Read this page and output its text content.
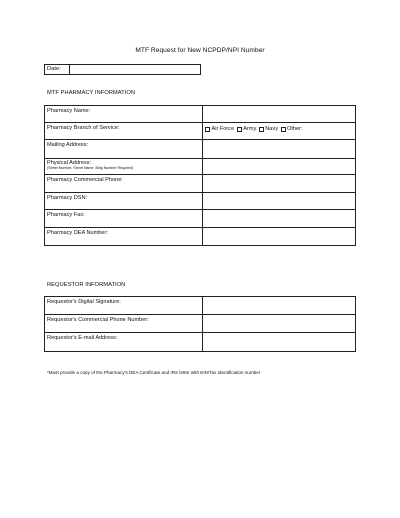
MTF Request for New NCPDP/NPI Number
Date:
MTF PHARMACY INFORMATION
Pharmacy Name:	
Pharmacy Branch of Service:	Air Force Army Navy Other:

Mailing Address:	

Physical Address:
(Street Number, Street Name, Bldg Number Required)	

Pharmacy Commercial Phone:	
Pharmacy DSN:	
Pharmacy Fax:	
Pharmacy DEA Number:	
REQUESTOR INFORMATION
Requestor's Digital Signature:	
Requestor's Commercial Phone Number:	
Requestor's E-mail Address:	
*Must provide a copy of the Pharmacy's DEA Certificate and IRS letter with EIN/Tax Identification number
